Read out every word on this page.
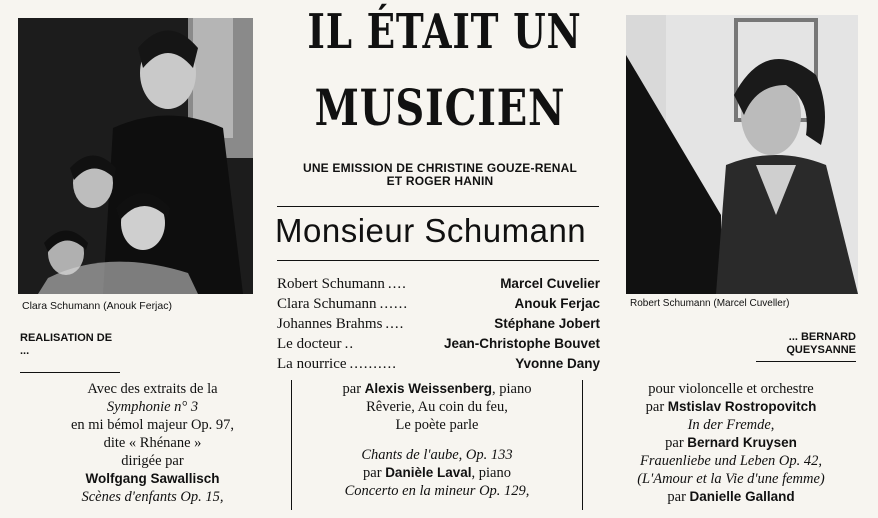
Clara Schumann (Anouk Ferjac)	Robert Schumann (Marcel Cuveller)
REALISATION DE ...
... BERNARD QUEYSANNE
IL ÉTAIT UN
MUSICIEN
UNE EMISSION DE CHRISTINE GOUZE-RENAL
ET ROGER HANIN
Monsieur Schumann
Robert Schumann ....	Marcel Cuvelier
Clara Schumann ......	Anouk Ferjac
Johannes Brahms ....	Stéphane Jobert
Le docteur ..	Jean-Christophe Bouvet
La nourrice ..........	Yvonne Dany
Avec des extraits de la
Symphonie n° 3
en mi bémol majeur Op. 97,
dite « Rhénane »
dirigée par
Wolfgang Sawallisch
Scènes d'enfants Op. 15,
par Alexis Weissenberg, piano
Rêverie, Au coin du feu,
Le poète parle
Chants de l'aube, Op. 133
par Danièle Laval, piano
Concerto en la mineur Op. 129,
pour violoncelle et orchestre
par Mstislav Rostropovitch
In der Fremde,
par Bernard Kruysen
Frauenliebe und Leben Op. 42,
(L'Amour et la Vie d'une femme)
par Danielle Galland
